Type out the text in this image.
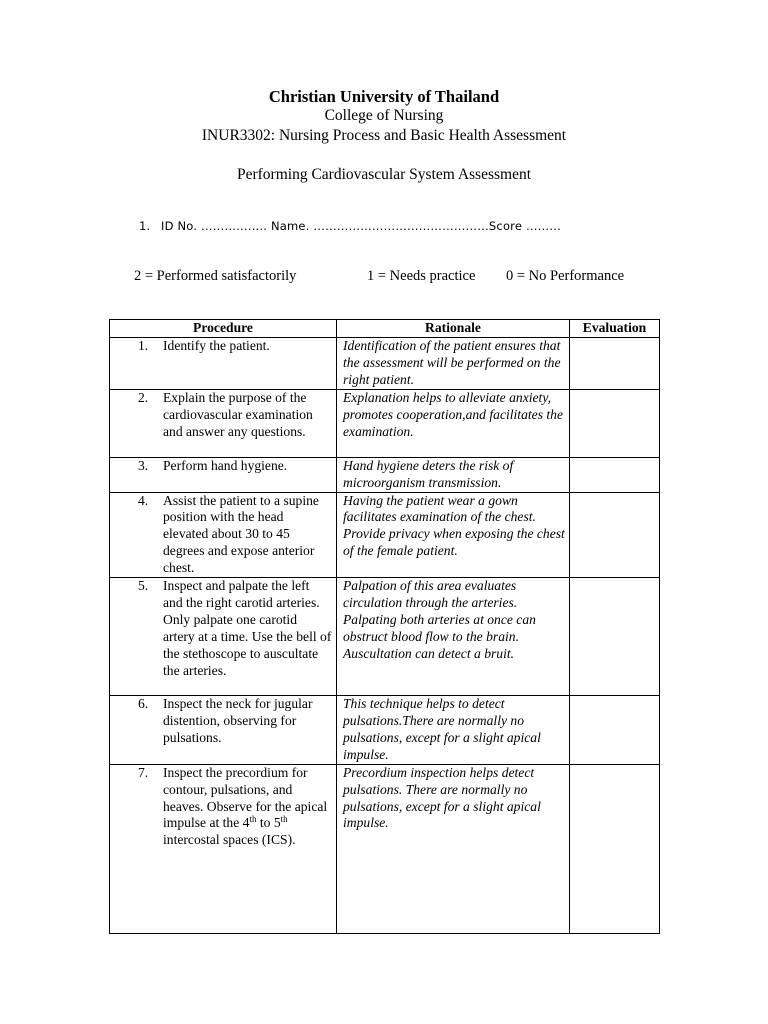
Christian University of Thailand
College of Nursing
INUR3302: Nursing Process and Basic Health Assessment
Performing Cardiovascular System Assessment
1. ID No. …………..... Name. ………………………………………Score ……...
2 = Performed satisfactorily	1 = Needs practice 0 = No Performance
Procedure	Rationale	Evaluation

1. Identify the patient.	Identification of the patient ensures that the assessment will be performed on the right patient.	

2. Explain the purpose of the cardiovascular examination and answer any questions.	Explanation helps to alleviate anxiety, promotes cooperation,and facilitates the examination.	

3. Perform hand hygiene.	Hand hygiene deters the risk of microorganism transmission.	

4. Assist the patient to a supine position with the head elevated about 30 to 45 degrees and expose anterior chest.	Having the patient wear a gown facilitates examination of the chest. Provide privacy when exposing the chest of the female patient.	

5. Inspect and palpate the left and the right carotid arteries. Only palpate one carotid artery at a time. Use the bell of the stethoscope to auscultate the arteries.	Palpation of this area evaluates circulation through the arteries. Palpating both arteries at once can obstruct blood flow to the brain. Auscultation can detect a bruit.	

6. Inspect the neck for jugular distention, observing for pulsations.	This technique helps to detect pulsations.There are normally no pulsations, except for a slight apical impulse.	

7. Inspect the precordium for contour, pulsations, and heaves. Observe for the apical impulse at the 4th to 5th intercostal spaces (ICS).	Precordium inspection helps detect pulsations. There are normally no pulsations, except for a slight apical impulse.	
